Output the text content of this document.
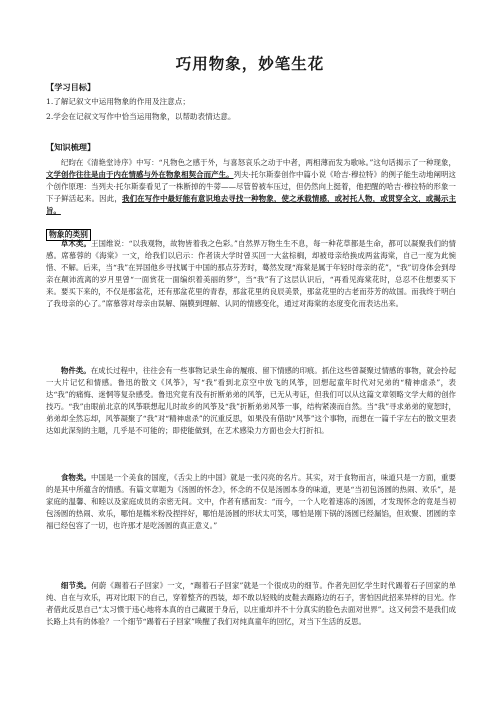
巧用物象，妙笔生花
【学习目标】
1.了解记叙文中运用物象的作用及注意点；
2.学会在记叙文写作中恰当运用物象，以帮助表情达意。
【知识梳理】

纪昀在《清艳堂诗序》中写：“凡物色之感于外，与喜怒哀乐之动于中者，两相薄而发为歌咏。”这句话揭示了一种现象，文学创作往往是由于内在情感与外在物象相契合而产生。列夫·托尔斯泰创作中篇小说《哈吉·穆拉特》的例子能生动地阐明这个创作原理：当列夫·托尔斯泰看见了一株断掉的牛蒡——尽管曾被车压过，但仍然向上挺着，他把醒的哈吉·穆拉特的形象一下子鲜活起来。因此，我们在写作中最好能有意识地去寻找一种物象，使之承载情感，或衬托人物，或贯穿全文，或揭示主旨。

物象的类别

草木类。王国维说：“以我观物，故物皆着我之色彩。”自然界万物生生不息，每一种花草都是生命，都可以凝聚我们的情感。席慕蓉的《海棠》一文，给我们以启示：作者读大学时曾买回一大盆棕榈，却被母亲给换成两盆海棠，自己一度为此惋惜、不解。后来，当“我”在异国他乡寻找属于中国的那点芬芳时，蓦然发现“海棠是属于年轻时母亲的花”，“我”切身体会到母亲在颠沛流离的岁月里曾“一面赏花一面编织着美丽的梦”，当“我”有了这层认识后，“再看见海棠花时，总忍不住想要买下来。要买下来的，不仅是那盆花，还有那盆花里的青春，那盆花里的良辰美景，那盆花里的古老而芬芳的故国。而我终于明白了我母亲的心了。”席慕蓉对母亲由误解、隔膜到理解、认同的情感变化，通过对海棠的态度变化而表达出来。

物件类。在成长过程中，往往会有一些事物记录生命的履痕、留下情感的印痕。抓住这些曾凝聚过情感的事物，就会拎起一大片记忆和情感。鲁迅的散文《风筝》，写“我”看到北京空中放飞的风筝，回想起童年时代对兄弟的“精神虐杀”，表达“我”的痛悔、迷惘等复杂感受。鲁迅究竟有没有折断弟弟的风筝，已无从考证，但我们可以从这篇文章领略文学大师的创作技巧。“我”由眼前北京的风筝联想起儿时故乡的风筝及“我”折断弟弟风筝一事，结构紧凑而自然。当“我”寻求弟弟的宽恕时，弟弟却全然忘却，风筝凝聚了“我”对“精神虐杀”的沉重反思，如果没有借助“风筝”这个事物，而想在一篇千字左右的散文里表达如此深刻的主题，几乎是不可能的；即使能做到，在艺术感染力方面也会大打折扣。

食物类。中国是一个美食的国度，《舌尖上的中国》就是一张闪亮的名片。其实，对于食物而言，味道只是一方面，重要的是其中所蕴含的情感。有篇文章题为《汤圆的怀念》，怀念的不仅是汤圆本身的味道，更是“当初包汤圆的热闹、欢乐”，是家庭的温馨、和睦以及家庭成员的亲密无间。文中，作者有感而发：“而今，一个人吃着速冻的汤圆，才发现怀念的竟是当初包汤圆的热闹、欢乐，哪怕是糯米粉没捏拌好，哪怕是汤圆的形状太可笑，哪怕是刚下锅的汤圆已经漏馅，但欢聚、团圆的幸福已经包容了一切，也许那才是吃汤圆的真正意义。”

细节类。何蔚《踢着石子回家》一文，“踢着石子回家”就是一个很成功的细节。作者先回忆学生时代踢着石子回家的单纯、自在与欢乐，再对比眼下的自己，穿着整齐的西装，却不敢以轻贱的皮鞋去踢路边的石子，害怕因此招来异样的目光。作者借此反思自己“太习惯于违心地将本真的自己藏匿于身后，以庄重却并不十分真实的脸色去面对世界”。这又何尝不是我们成长路上共有的体验？一个细节“踢着石子回家”唤醒了我们对纯真童年的回忆，对当下生活的反思。
